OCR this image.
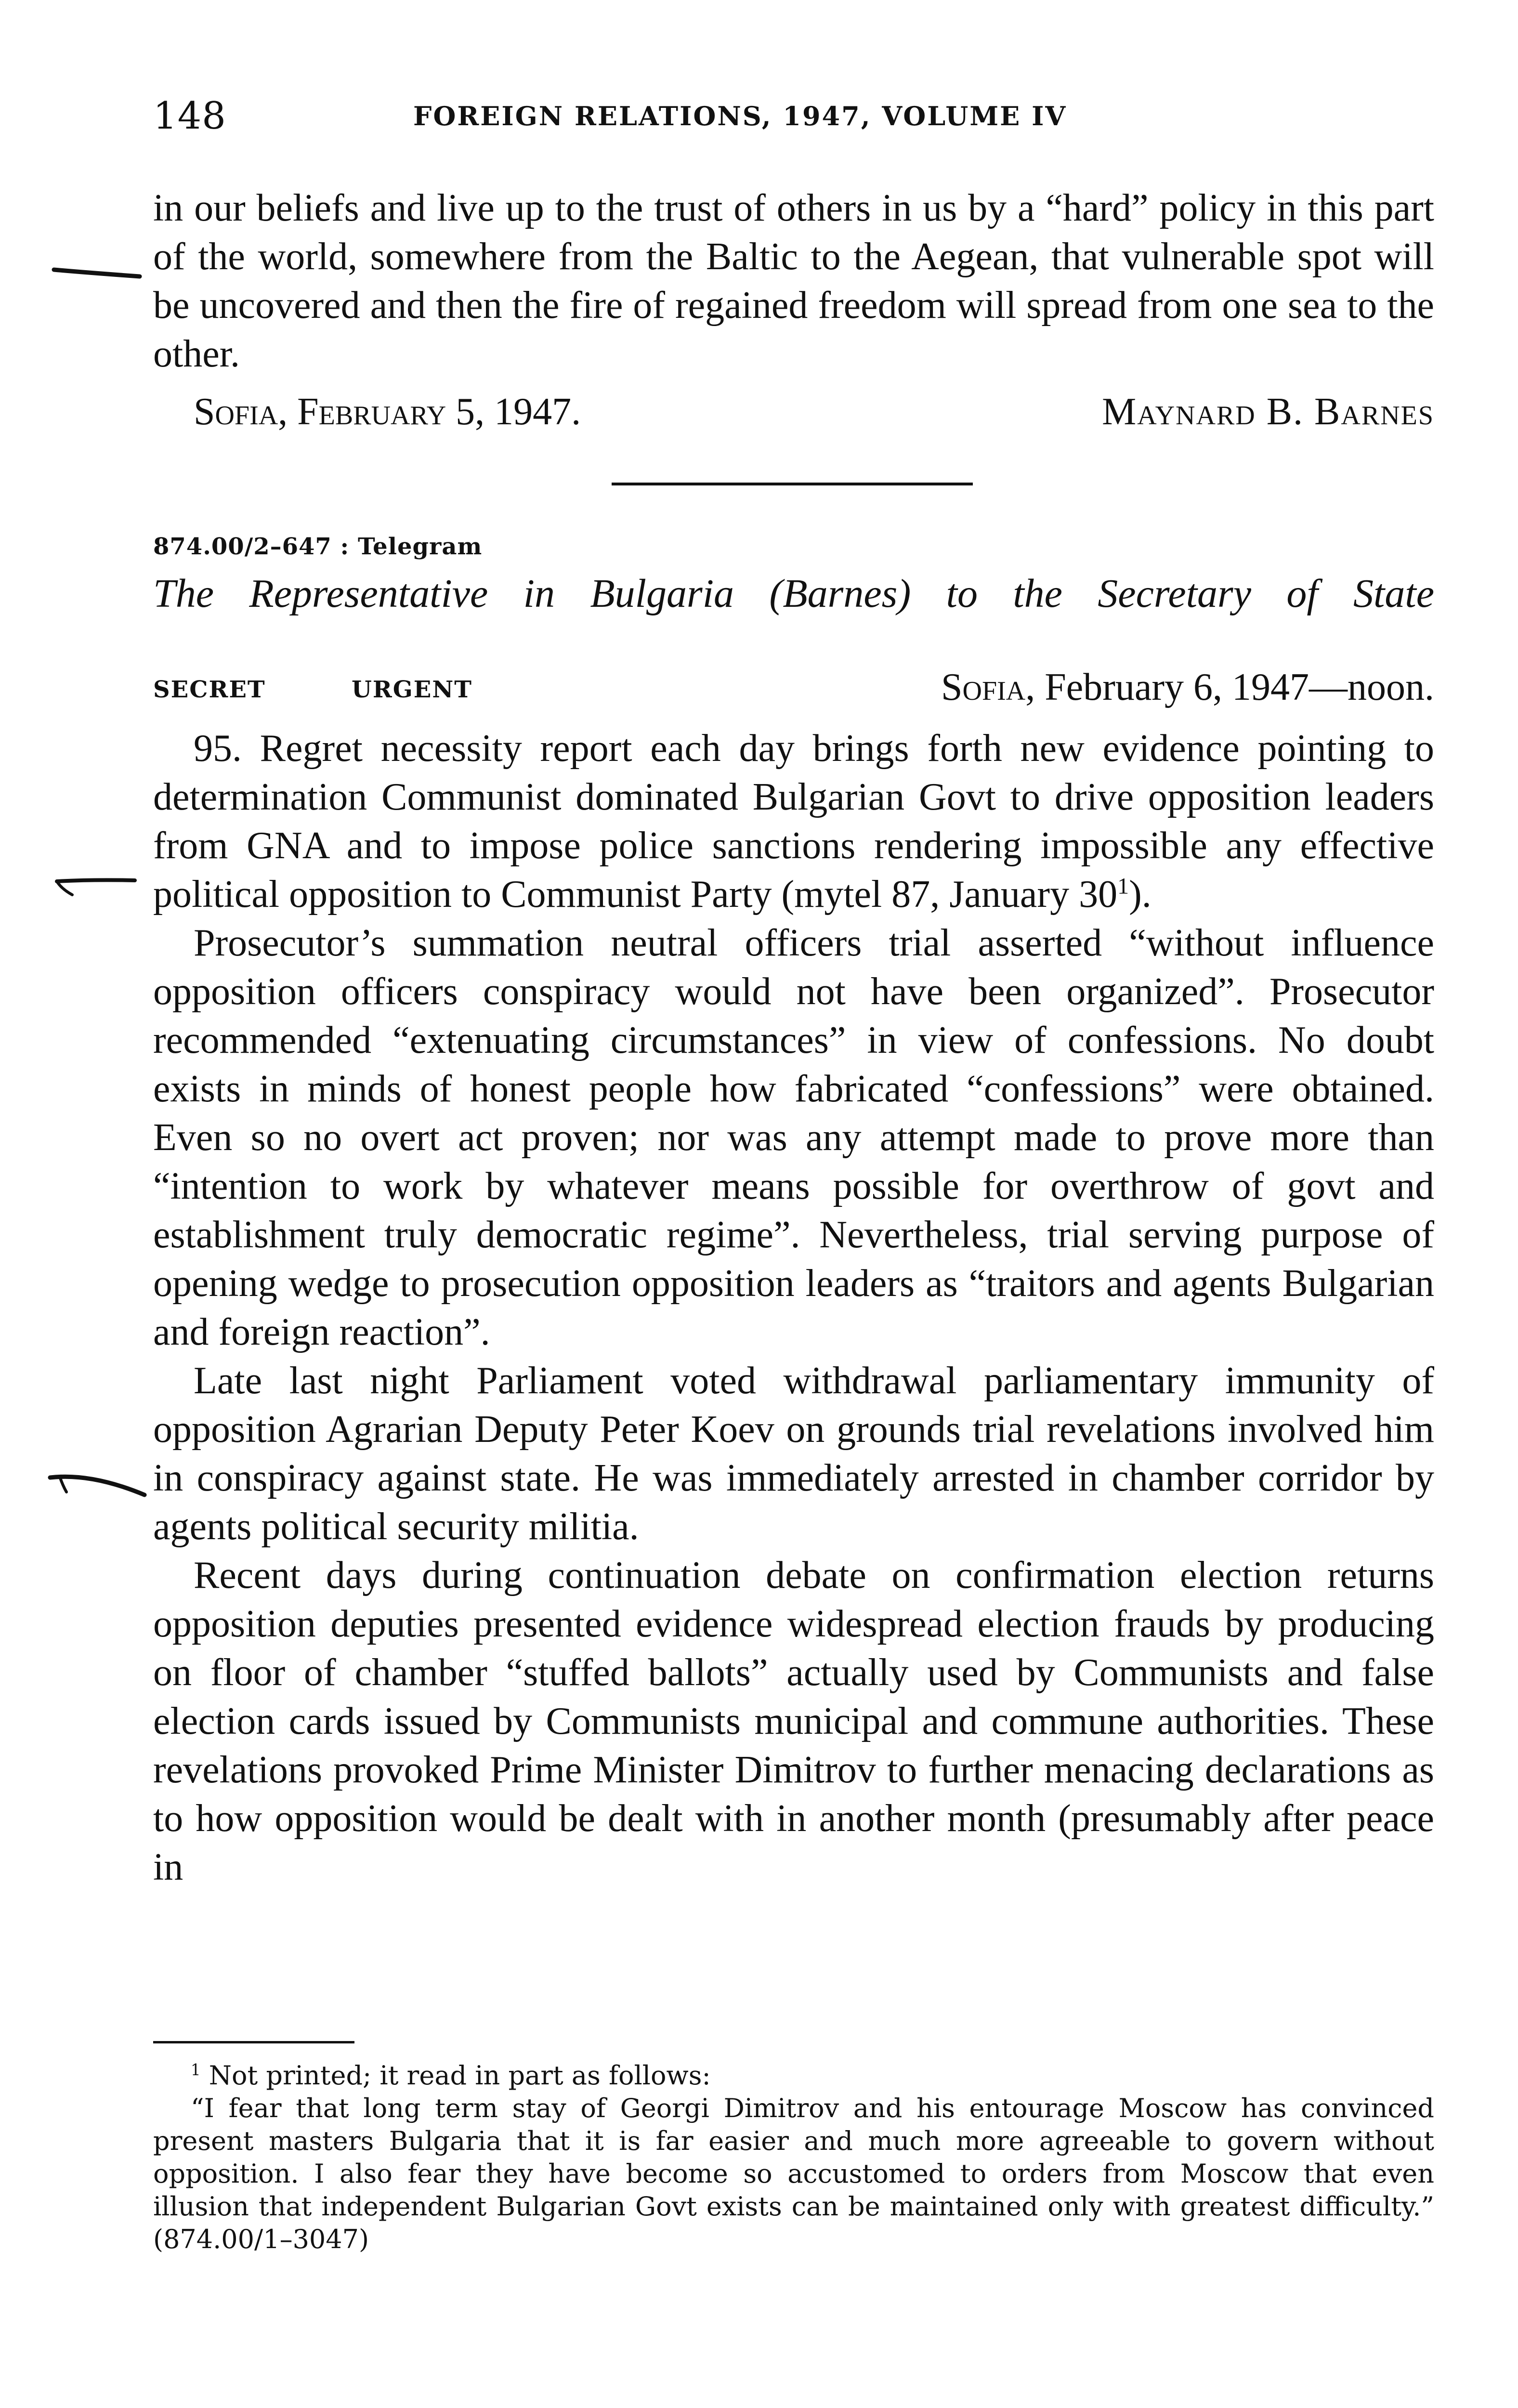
148	FOREIGN RELATIONS, 1947, VOLUME IV

in our beliefs and live up to the trust of others in us by a “hard” policy in this part of the world, somewhere from the Baltic to the Aegean, that vulnerable spot will be uncovered and then the fire of regained freedom will spread from one sea to the other.

Sofia, February 5, 1947.	Maynard B. Barnes
874.00/2–647 : Telegram
The Representative in Bulgaria (Barnes) to the Secretary of State
SECRET	URGENT	Sofia, February 6, 1947—noon.

95. Regret necessity report each day brings forth new evidence pointing to determination Communist dominated Bulgarian Govt to drive opposition leaders from GNA and to impose police sanctions rendering impossible any effective political opposition to Communist Party (mytel 87, January $30^1$).

Prosecutor’s summation neutral officers trial asserted “without influence opposition officers conspiracy would not have been organized”. Prosecutor recommended “extenuating circumstances” in view of confessions. No doubt exists in minds of honest people how fabricated “confessions” were obtained. Even so no overt act proven; nor was any attempt made to prove more than “intention to work by whatever means possible for overthrow of govt and establishment truly democratic regime”. Nevertheless, trial serving purpose of opening wedge to prosecution opposition leaders as “traitors and agents Bulgarian and foreign reaction”.

Late last night Parliament voted withdrawal parliamentary immunity of opposition Agrarian Deputy Peter Koev on grounds trial revelations involved him in conspiracy against state. He was immediately arrested in chamber corridor by agents political security militia.

Recent days during continuation debate on confirmation election returns opposition deputies presented evidence widespread election frauds by producing on floor of chamber “stuffed ballots” actually used by Communists and false election cards issued by Communists municipal and commune authorities. These revelations provoked Prime Minister Dimitrov to further menacing declarations as to how opposition would be dealt with in another month (presumably after peace in

$^1$ Not printed; it read in part as follows:

“I fear that long term stay of Georgi Dimitrov and his entourage Moscow has convinced present masters Bulgaria that it is far easier and much more agreeable to govern without opposition. I also fear they have become so accustomed to orders from Moscow that even illusion that independent Bulgarian Govt exists can be maintained only with greatest difficulty.” (874.00/1–3047)
